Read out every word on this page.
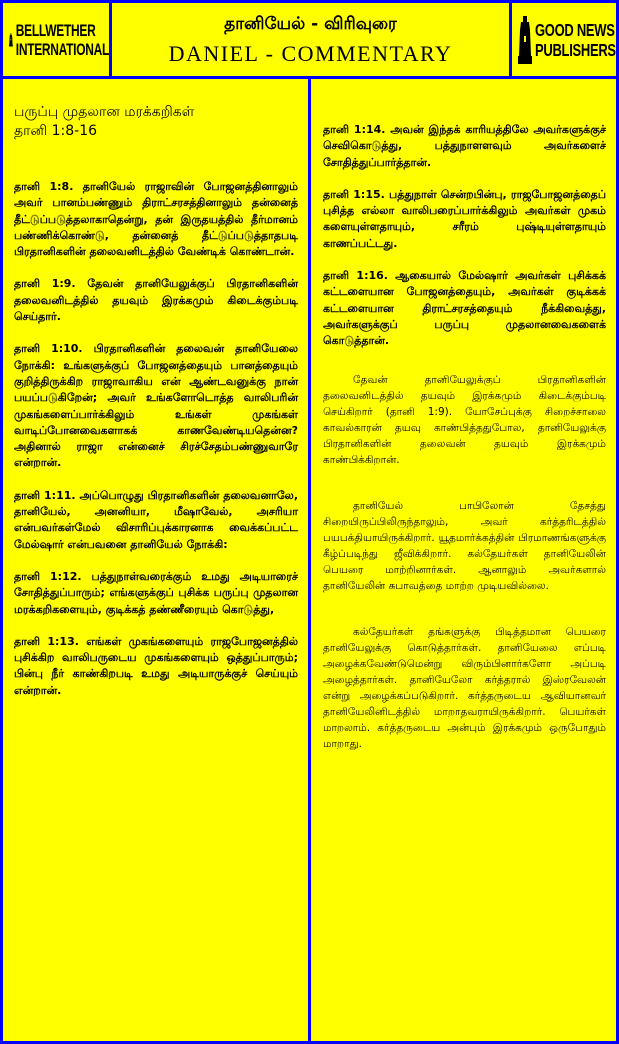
BELLWETHER
INTERNATIONAL
தானியேல் - விரிவுரை
DANIEL - COMMENTARY
GOOD NEWS
PUBLISHERS

பருப்பு முதலான மரக்கறிகள்

தானி 1:8-16

தானி 1:8. தானியேல் ராஜாவின் போஜனத்தினாலும் அவர் பானம்பண்ணும் திராட்சரசத்தினாலும் தன்னைத் தீட்டுப்படுத்தலாகாதென்று, தன் இருதயத்தில் தீர்மானம் பண்ணிக்கொண்டு, தன்னைத் தீட்டுப்படுத்தாதபடி பிரதானிகளின் தலைவனிடத்தில் வேண்டிக் கொண்டான்.

தானி 1:9. தேவன் தானியேலுக்குப் பிரதானிகளின் தலைவனிடத்தில் தயவும் இரக்கமும் கிடைக்கும்படி செய்தார்.

தானி 1:10. பிரதானிகளின் தலைவன் தானியேலை நோக்கி: உங்களுக்குப் போஜனத்தையும் பானத்தையும் குறித்திருக்கிற ராஜாவாகிய என் ஆண்டவனுக்கு நான் பயப்படுகிறேன்; அவர் உங்களோடொத்த வாலிபரின் முகங்களைப்பார்க்கிலும் உங்கள் முகங்கள் வாடிப்போனவைகளாகக் காணவேண்டியதென்ன? அதினால் ராஜா என்னைச் சிரச்சேதம்பண்ணுவாரே என்றான்.

தானி 1:11. அப்பொழுது பிரதானிகளின் தலைவனாலே, தானியேல், அனனியா, மீஷாவேல், அசரியா என்பவர்கள்மேல் விசாரிப்புக்காரனாக வைக்கப்பட்ட மேல்ஷார் என்பவனை தானியேல் நோக்கி:

தானி 1:12. பத்துநாள்வரைக்கும் உமது அடியாரைச் சோதித்துப்பாரும்; எங்களுக்குப் புசிக்க பருப்பு முதலான மரக்கறிகளையும், குடிக்கத் தண்ணீரையும் கொடுத்து,

தானி 1:13. எங்கள் முகங்களையும் ராஜபோஜனத்தில் புசிக்கிற வாலிபருடைய முகங்களையும் ஒத்துப்பாரும்; பின்பு நீர் காண்கிறபடி உமது அடியாருக்குச் செய்யும் என்றான்.

தானி 1:14. அவன் இந்தக் காரியத்திலே அவர்களுக்குச் செவிகொடுத்து, பத்துநாளளவும் அவர்களைச் சோதித்துப்பார்த்தான்.

தானி 1:15. பத்துநாள் சென்றபின்பு, ராஜபோஜனத்தைப் புசித்த எல்லா வாலிபரைப்பார்க்கிலும் அவர்கள் முகம் களையுள்ளதாயும், சரீரம் புஷ்டியுள்ளதாயும் காணப்பட்டது.

தானி 1:16. ஆகையால் மேல்ஷார் அவர்கள் புசிக்கக் கட்டளையான போஜனத்தையும், அவர்கள் குடிக்கக் கட்டளையான திராட்சரசத்தையும் நீக்கிவைத்து, அவர்களுக்குப் பருப்பு முதலானவைகளைக் கொடுத்தான்.

தேவன் தானியேலுக்குப் பிரதானிகளின் தலைவனிடத்தில் தயவும் இரக்கமும் கிடைக்கும்படி செய்கிறார் (தானி 1:9). யோசேப்புக்கு சிறைச்சாலை காவல்காரன் தயவு காண்பித்ததுபோல, தானியேலுக்கு பிரதானிகளின் தலைவன் தயவும் இரக்கமும் காண்பிக்கிறான்.

தானியேல் பாபிலோன் தேசத்து சிறையிருப்பிலிருந்தாலும், அவர் கர்த்தரிடத்தில் பயபக்தியாயிருக்கிறார். யூதமார்க்கத்தின் பிரமாணங்களுக்கு கீழ்ப்படிந்து ஜீவிக்கிறார். கல்தேயர்கள் தானியேலின் பெயரை மாற்றினார்கள். ஆனாலும் அவர்களால் தானியேலின் சுபாவத்தை மாற்ற முடியவில்லை.

கல்தேயர்கள் தங்களுக்கு பிடித்தமான பெயரை தானியேலுக்கு கொடுத்தார்கள். தானியேலை எப்படி அழைக்கவேண்டுமென்று விரும்பினார்களோ அப்படி அழைத்தார்கள். தானியேலோ கர்த்தரால் இஸ்ரவேலன் என்று அழைக்கப்படுகிறார். கர்த்தருடைய ஆவியானவர் தானியேலினிடத்தில் மாறாதவராயிருக்கிறார். பெயர்கள் மாறலாம். கர்த்தருடைய அன்பும் இரக்கமும் ஒருபோதும் மாறாது.
